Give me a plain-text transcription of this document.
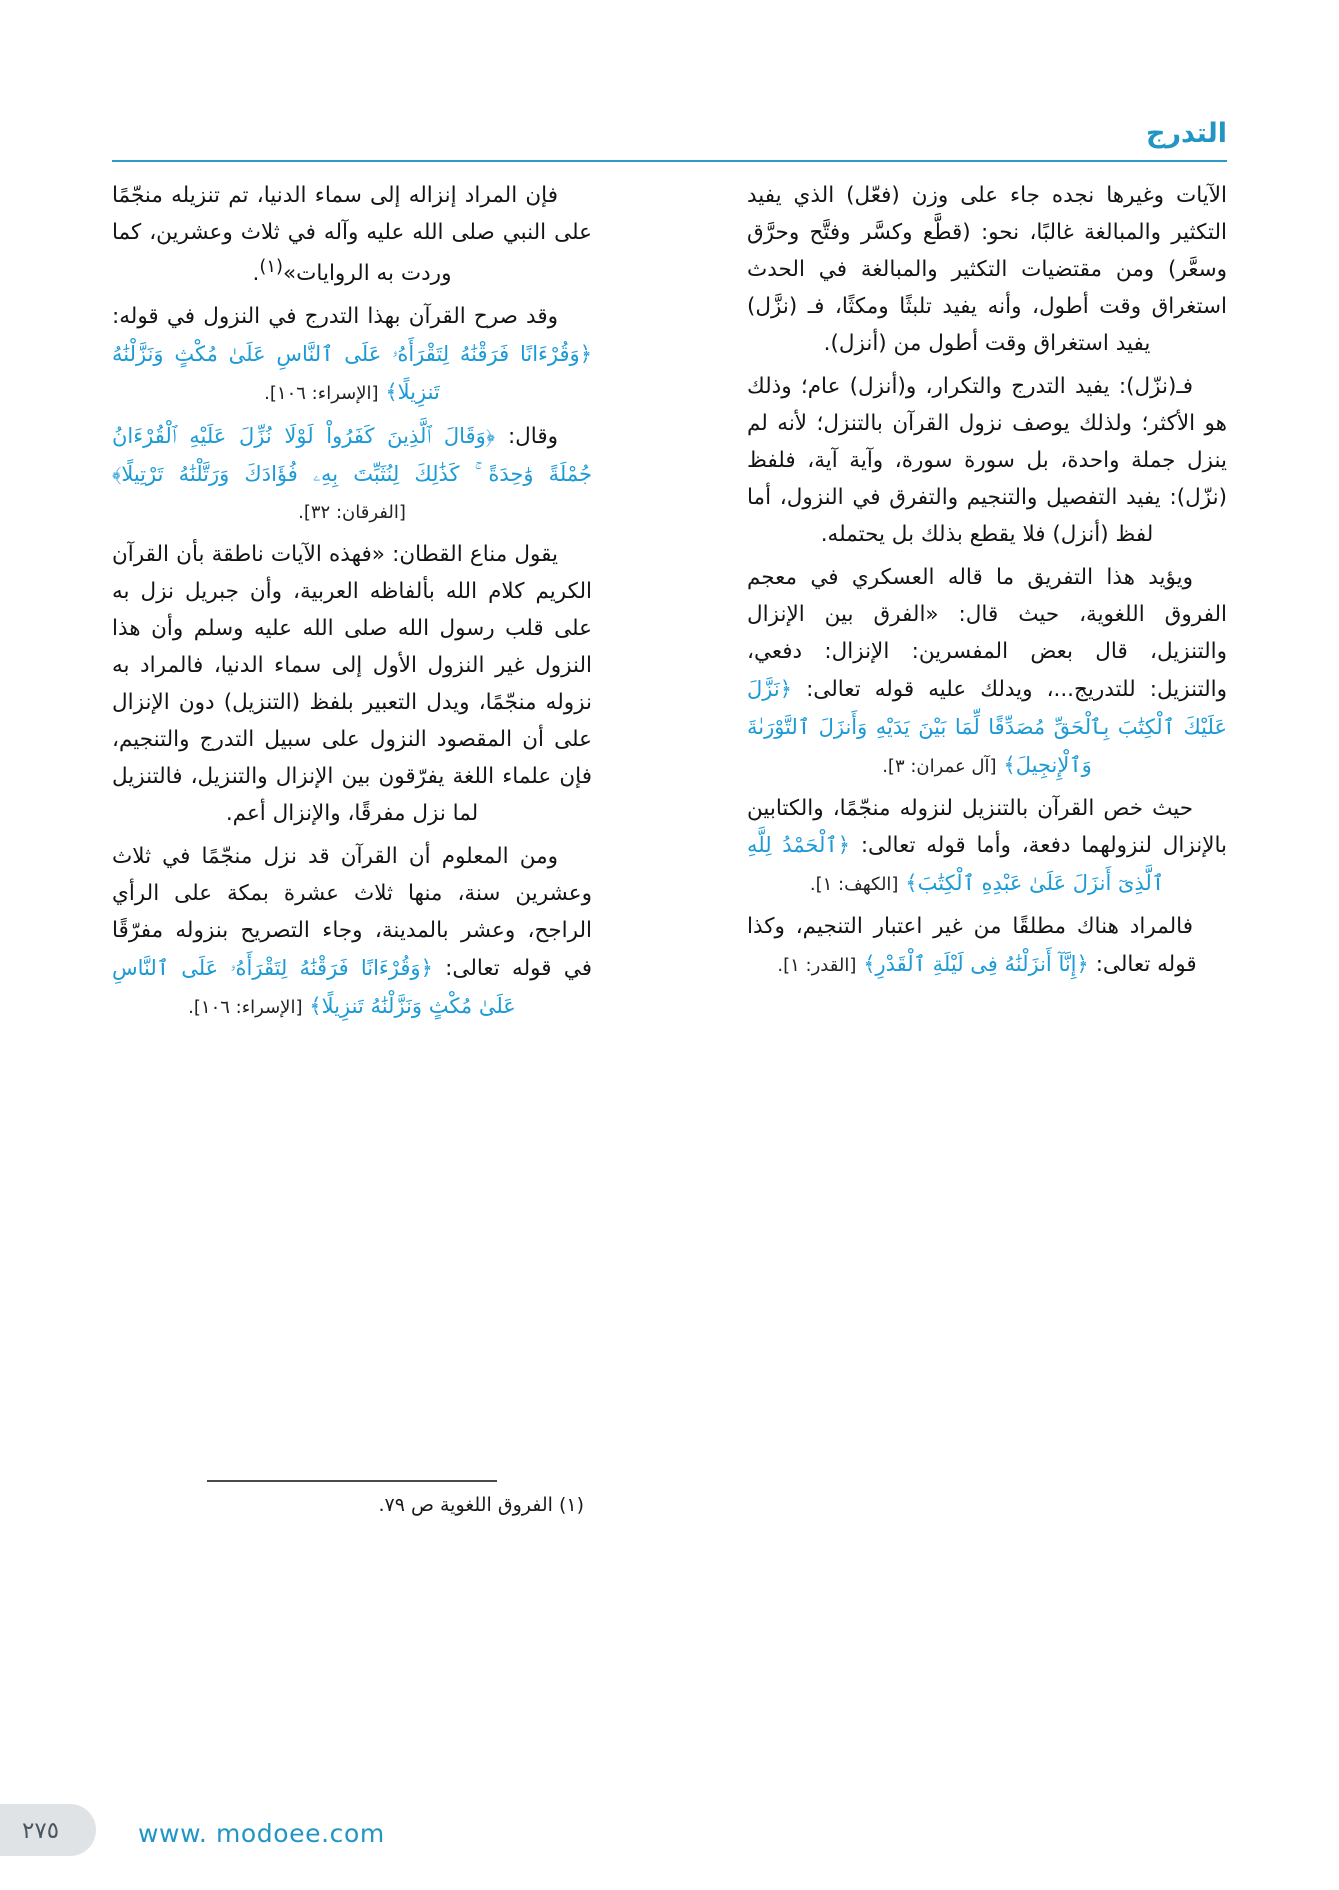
التدرج

الآيات وغيرها نجده جاء على وزن (فعّل) الذي يفيد التكثير والمبالغة غالبًا، نحو: (قطَّع وكسَّر وفتَّح وحرَّق وسعَّر) ومن مقتضيات التكثير والمبالغة في الحدث استغراق وقت أطول، وأنه يفيد تلبثًا ومكثًا، فـ (نزَّل) يفيد استغراق وقت أطول من (أنزل).

فـ(نزّل): يفيد التدرج والتكرار، و(أنزل) عام؛ وذلك هو الأكثر؛ ولذلك يوصف نزول القرآن بالتنزل؛ لأنه لم ينزل جملة واحدة، بل سورة سورة، وآية آية، فلفظ (نزّل): يفيد التفصيل والتنجيم والتفرق في النزول، أما لفظ (أنزل) فلا يقطع بذلك بل يحتمله.

ويؤيد هذا التفريق ما قاله العسكري في معجم الفروق اللغوية، حيث قال: «الفرق بين الإنزال والتنزيل، قال بعض المفسرين: الإنزال: دفعي، والتنزيل: للتدريج...، ويدلك عليه قوله تعالى: ﴿نَزَّلَ عَلَيْكَ ٱلْكِتَٰبَ بِٱلْحَقِّ مُصَدِّقًا لِّمَا بَيْنَ يَدَيْهِ وَأَنزَلَ ٱلتَّوْرَىٰةَ وَٱلْإِنجِيلَ﴾ [آل عمران: ٣].

حيث خص القرآن بالتنزيل لنزوله منجّمًا، والكتابين بالإنزال لنزولهما دفعة، وأما قوله تعالى: ﴿ٱلْحَمْدُ لِلَّهِ ٱلَّذِىٓ أَنزَلَ عَلَىٰ عَبْدِهِ ٱلْكِتَٰبَ﴾ [الكهف: ١].

فالمراد هناك مطلقًا من غير اعتبار التنجيم، وكذا قوله تعالى: ﴿إِنَّآ أَنزَلْنَٰهُ فِى لَيْلَةِ ٱلْقَدْرِ﴾ [القدر: ١].

فإن المراد إنزاله إلى سماء الدنيا، تم تنزيله منجّمًا على النبي صلى الله عليه وآله في ثلاث وعشرين، كما وردت به الروايات»$^{(١)}$.

وقد صرح القرآن بهذا التدرج في النزول في قوله: ﴿وَقُرْءَانًا فَرَقْنَٰهُ لِتَقْرَأَهُۥ عَلَى ٱلنَّاسِ عَلَىٰ مُكْثٍ وَنَزَّلْنَٰهُ تَنزِيلًا﴾ [الإسراء: ١٠٦].

وقال: ﴿وَقَالَ ٱلَّذِينَ كَفَرُواْ لَوْلَا نُزِّلَ عَلَيْهِ ٱلْقُرْءَانُ جُمْلَةً وَٰحِدَةً ۚ كَذَٰلِكَ لِنُثَبِّتَ بِهِۦ فُؤَادَكَ وَرَتَّلْنَٰهُ تَرْتِيلًا﴾ [الفرقان: ٣٢].

يقول مناع القطان: «فهذه الآيات ناطقة بأن القرآن الكريم كلام الله بألفاظه العربية، وأن جبريل نزل به على قلب رسول الله صلى الله عليه وسلم وأن هذا النزول غير النزول الأول إلى سماء الدنيا، فالمراد به نزوله منجّمًا، ويدل التعبير بلفظ (التنزيل) دون الإنزال على أن المقصود النزول على سبيل التدرج والتنجيم، فإن علماء اللغة يفرّقون بين الإنزال والتنزيل، فالتنزيل لما نزل مفرقًا، والإنزال أعم.

ومن المعلوم أن القرآن قد نزل منجّمًا في ثلاث وعشرين سنة، منها ثلاث عشرة بمكة على الرأي الراجح، وعشر بالمدينة، وجاء التصريح بنزوله مفرّقًا في قوله تعالى: ﴿وَقُرْءَانًا فَرَقْنَٰهُ لِتَقْرَأَهُۥ عَلَى ٱلنَّاسِ عَلَىٰ مُكْثٍ وَنَزَّلْنَٰهُ تَنزِيلًا﴾ [الإسراء: ١٠٦].

(١) الفروق اللغوية ص ٧٩.
٢٧٥	www. modoee.com
